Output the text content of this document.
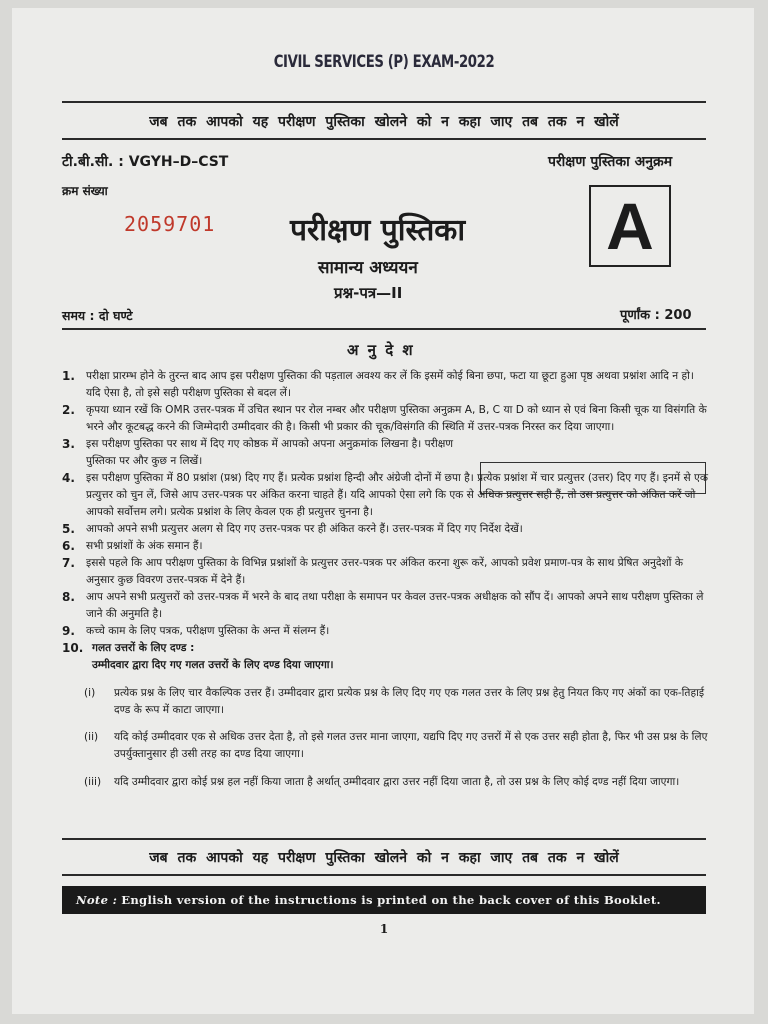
CIVIL SERVICES (P) EXAM-2022
जब तक आपको यह परीक्षण पुस्तिका खोलने को न कहा जाए तब तक न खोलें
टी.बी.सी. : VGYH–D–CST	परीक्षण पुस्तिका अनुक्रम
क्रम संख्या
2059701 परीक्षण पुस्तिका
सामान्य अध्ययन
प्रश्न-पत्र—II
A
समय : दो घण्टे	पूर्णांक : 200
अ नु दे श

1. परीक्षा प्रारम्भ होने के तुरन्त बाद आप इस परीक्षण पुस्तिका की पड़ताल अवश्य कर लें कि इसमें कोई बिना छपा, फटा या छूटा हुआ पृष्ठ अथवा प्रश्नांश आदि न हो। यदि ऐसा है, तो इसे सही परीक्षण पुस्तिका से बदल लें।

2. कृपया ध्यान रखें कि OMR उत्तर-पत्रक में उचित स्थान पर रोल नम्बर और परीक्षण पुस्तिका अनुक्रम A, B, C या D को ध्यान से एवं बिना किसी चूक या विसंगति के भरने और कूटबद्ध करने की जिम्मेदारी उम्मीदवार की है। किसी भी प्रकार की चूक/विसंगति की स्थिति में उत्तर-पत्रक निरस्त कर दिया जाएगा।

3. इस परीक्षण पुस्तिका पर साथ में दिए गए कोष्ठक में आपको अपना अनुक्रमांक लिखना है। परीक्षण पुस्तिका पर और कुछ न लिखें।

4. इस परीक्षण पुस्तिका में 80 प्रश्नांश (प्रश्न) दिए गए हैं। प्रत्येक प्रश्नांश हिन्दी और अंग्रेजी दोनों में छपा है। प्रत्येक प्रश्नांश में चार प्रत्युत्तर (उत्तर) दिए गए हैं। इनमें से एक प्रत्युत्तर को चुन लें, जिसे आप उत्तर-पत्रक पर अंकित करना चाहते हैं। यदि आपको ऐसा लगे कि एक से अधिक प्रत्युत्तर सही हैं, तो उस प्रत्युत्तर को अंकित करें जो आपको सर्वोत्तम लगे। प्रत्येक प्रश्नांश के लिए केवल एक ही प्रत्युत्तर चुनना है।

5. आपको अपने सभी प्रत्युत्तर अलग से दिए गए उत्तर-पत्रक पर ही अंकित करने हैं। उत्तर-पत्रक में दिए गए निर्देश देखें।

6. सभी प्रश्नांशों के अंक समान हैं।

7. इससे पहले कि आप परीक्षण पुस्तिका के विभिन्न प्रश्नांशों के प्रत्युत्तर उत्तर-पत्रक पर अंकित करना शुरू करें, आपको प्रवेश प्रमाण-पत्र के साथ प्रेषित अनुदेशों के अनुसार कुछ विवरण उत्तर-पत्रक में देने हैं।

8. आप अपने सभी प्रत्युत्तरों को उत्तर-पत्रक में भरने के बाद तथा परीक्षा के समापन पर केवल उत्तर-पत्रक अधीक्षक को सौंप दें। आपको अपने साथ परीक्षण पुस्तिका ले जाने की अनुमति है।

9. कच्चे काम के लिए पत्रक, परीक्षण पुस्तिका के अन्त में संलग्न हैं।

10. गलत उत्तरों के लिए दण्ड :

उम्मीदवार द्वारा दिए गए गलत उत्तरों के लिए दण्ड दिया जाएगा।

(i) प्रत्येक प्रश्न के लिए चार वैकल्पिक उत्तर हैं। उम्मीदवार द्वारा प्रत्येक प्रश्न के लिए दिए गए एक गलत उत्तर के लिए प्रश्न हेतु नियत किए गए अंकों का एक-तिहाई दण्ड के रूप में काटा जाएगा।

(ii) यदि कोई उम्मीदवार एक से अधिक उत्तर देता है, तो इसे गलत उत्तर माना जाएगा, यद्यपि दिए गए उत्तरों में से एक उत्तर सही होता है, फिर भी उस प्रश्न के लिए उपर्युक्तानुसार ही उसी तरह का दण्ड दिया जाएगा।

(iii) यदि उम्मीदवार द्वारा कोई प्रश्न हल नहीं किया जाता है अर्थात् उम्मीदवार द्वारा उत्तर नहीं दिया जाता है, तो उस प्रश्न के लिए कोई दण्ड नहीं दिया जाएगा।

जब तक आपको यह परीक्षण पुस्तिका खोलने को न कहा जाए तब तक न खोलें
Note : English version of the instructions is printed on the back cover of this Booklet.
1
